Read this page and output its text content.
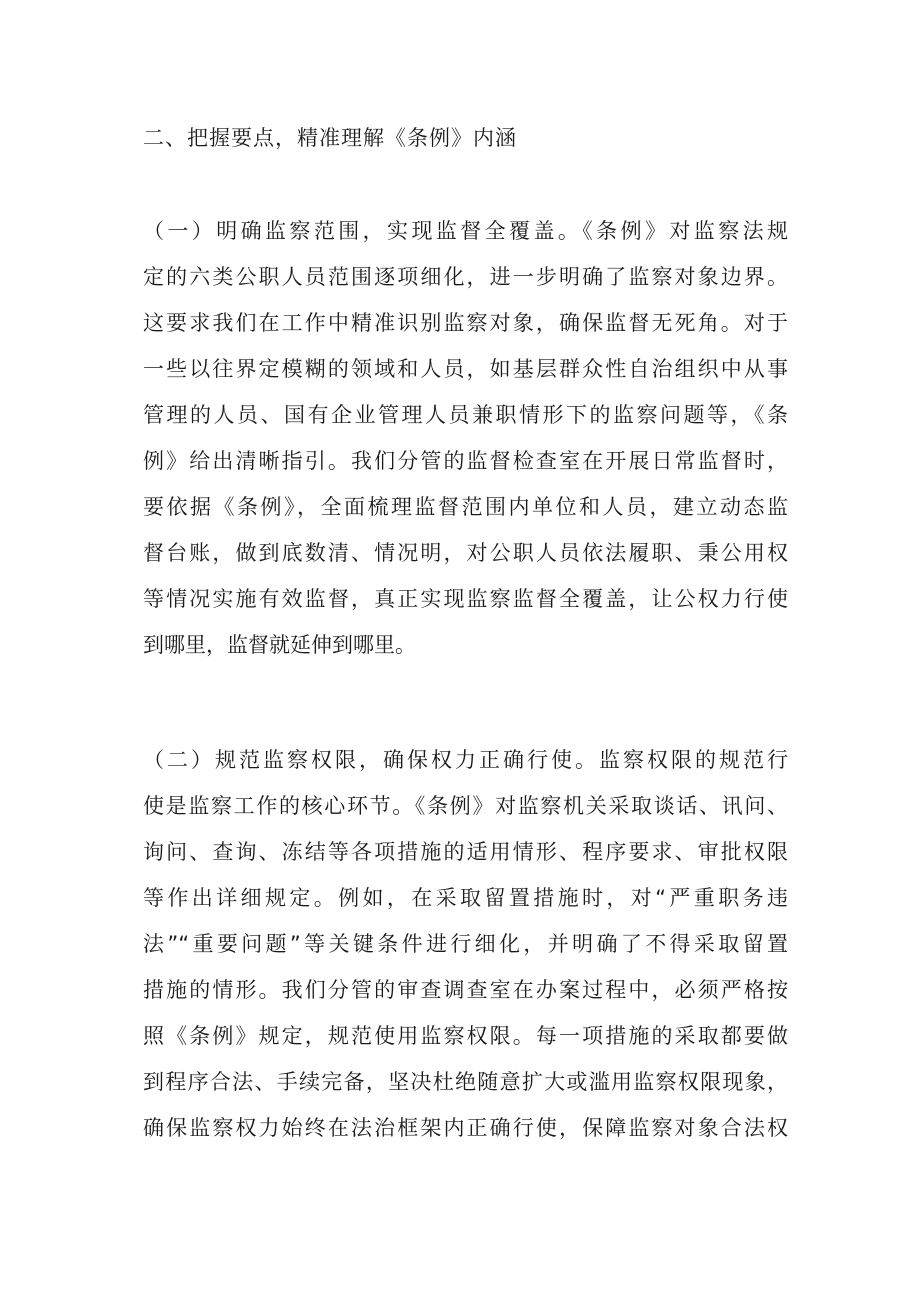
二、把握要点，精准理解《条例》内涵
（一）明确监察范围，实现监督全覆盖。《条例》对监察法规
定的六类公职人员范围逐项细化，进一步明确了监察对象边界。
这要求我们在工作中精准识别监察对象，确保监督无死角。对于
一些以往界定模糊的领域和人员，如基层群众性自治组织中从事
管理的人员、国有企业管理人员兼职情形下的监察问题等，《条
例》给出清晰指引。我们分管的监督检查室在开展日常监督时，
要依据《条例》，全面梳理监督范围内单位和人员，建立动态监
督台账，做到底数清、情况明，对公职人员依法履职、秉公用权
等情况实施有效监督，真正实现监察监督全覆盖，让公权力行使
到哪里，监督就延伸到哪里。
（二）规范监察权限，确保权力正确行使。监察权限的规范行
使是监察工作的核心环节。《条例》对监察机关采取谈话、讯问、
询问、查询、冻结等各项措施的适用情形、程序要求、审批权限
等作出详细规定。例如，在采取留置措施时，对“严重职务违
法”“重要问题”等关键条件进行细化，并明确了不得采取留置
措施的情形。我们分管的审查调查室在办案过程中，必须严格按
照《条例》规定，规范使用监察权限。每一项措施的采取都要做
到程序合法、手续完备，坚决杜绝随意扩大或滥用监察权限现象，
确保监察权力始终在法治框架内正确行使，保障监察对象合法权
